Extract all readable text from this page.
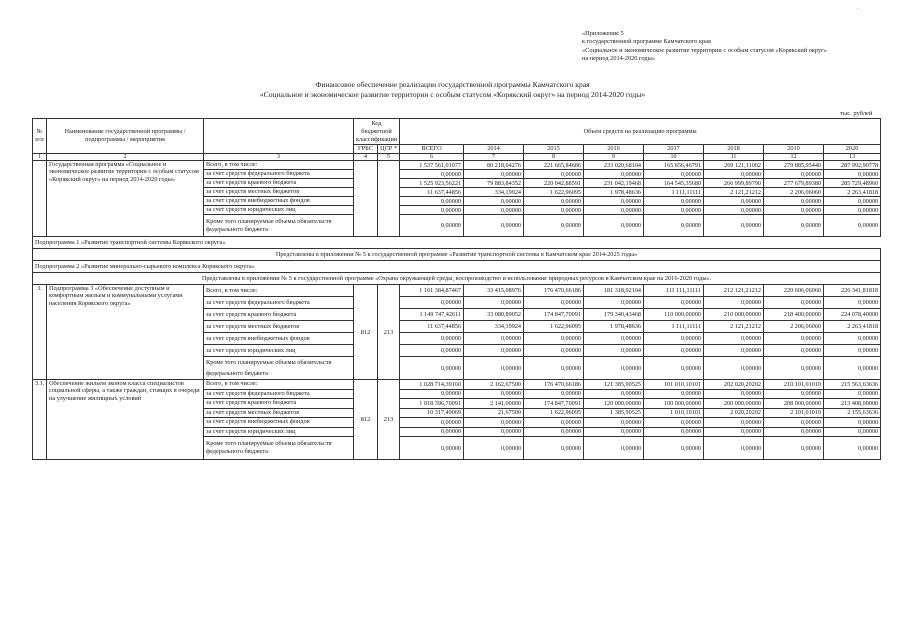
" .
«Приложение 5
к государственной программе Камчатского края
«Социальное и экономическое развитие территории с особым статусом «Корякский округ»
на период 2014-2020 годы»
Финансовое обеспечение реализации государственной программы Камчатского края
«Социальное и экономическое развитие территории с особым статусом «Корякский округ» на период 2014-2020 годы»
тыс. рублей
№ п/п	Наименование государственной программы / подпрограммы / мероприятия		Код бюджетной классификации		Объем средств на реализацию программы							
			ГРБС	ЦСР *	ВСЕГО	2014	2015	2016	2017	2018	2019	2020
1	2	3	4	5	6	7	8	9	10	11	12	13
	Государственная программа «Социальное и экономическое развитие территории с особым статусом «Корякский округ» на период 2014-2020 годы»	Всего, в том числе:			1 537 561,01077	80 218,04276	221 665,84686	233 020,68104	165 656,46791	269 121,11002	279 885,95440	287 992,90778
		за счет средств федерального бюджета			0,00000	0,00000	0,00000	0,00000	0,00000	0,00000	0,00000	0,00000
		за счет средств краевого бюджета			1 525 923,56221	79 883,84352	220 042,88591	231 042,19468	164 545,35680	266 999,89790	277 679,89380	285 729,48960
		за счет средств местных бюджетов			11 637,44856	334,19924	1 622,96095	1 978,48636	1 111,11111	2 121,21212	2 206,06060	2 263,41818
		за счет средств внебюджетных фондов			0,00000	0,00000	0,00000	0,00000	0,00000	0,00000	0,00000	0,00000
		за счет средств юридических лиц			0,00000	0,00000	0,00000	0,00000	0,00000	0,00000	0,00000	0,00000
		Кроме того планируемые объемы обязательств федерального бюджета			0,00000	0,00000	0,00000	0,00000	0,00000	0,00000	0,00000	0,00000
Подпрограмма 1 «Развитие транспортной системы Корякского округа»												
Представлены в приложении № 5 к государственной программе «Развитие транспортной системы в Камчатском крае 2014-2025 годы»												
Подпрограмма 2 «Развитие минерально-сырьевого комплекса Корякского округа»												
Представлены в приложении № 5 к государственной программе «Охрана окружающей среды, воспроизводство и использование природных ресурсов в Камчатском крае на 2016-2020 годы».												
3.	Подпрограмма 3 «Обеспечение доступным и комфортным жильем и коммунальными услугами населения Корякского округа»	Всего, в том числе:	812	213	1 161 384,87467	33 415,08976	176 470,66186	181 318,92104	111 111,11111	212 121,21212	220 606,06060	226 341,81818
		за счет средств федерального бюджета			0,00000	0,00000	0,00000	0,00000	0,00000	0,00000	0,00000	0,00000
		за счет средств краевого бюджета			1 149 747,42611	33 080,89052	174 847,70091	179 340,43468	110 000,00000	210 000,00000	218 400,00000	224 078,40000
		за счет средств местных бюджетов			11 637,44856	334,19924	1 622,96095	1 978,48636	1 111,11111	2 121,21212	2 206,06060	2 263,41818
		за счет средств внебюджетных фондов			0,00000	0,00000	0,00000	0,00000	0,00000	0,00000	0,00000	0,00000
		за счет средств юридических лиц			0,00000	0,00000	0,00000	0,00000	0,00000	0,00000	0,00000	0,00000
		Кроме того планируемые объемы обязательств федерального бюджета			0,00000	0,00000	0,00000	0,00000	0,00000	0,00000	0,00000	0,00000
3.1.	Обеспечение жильем эконом класса специалистов социальной сферы, а также граждан, стоящих в очереди на улучшение жилищных условий	Всего, в том числе:	812	213	1 028 714,39160	2 162,67500	176 470,66186	121 385,90525	101 010,10101	202 020,20202	210 101,01010	215 563,63636
		за счет средств федерального бюджета			0,00000	0,00000	0,00000	0,00000	0,00000	0,00000	0,00000	0,00000
		за счет средств краевого бюджета			1 018 396,70091	2 141,00000	174 847,70091	120 000,00000	100 000,00000	200 000,00000	208 000,00000	213 408,00000
		за счет средств местных бюджетов			10 317,49069	21,67500	1 622,96095	1 385,90525	1 010,10101	2 020,20202	2 101,01010	2 155,63636
		за счет средств внебюджетных фондов			0,00000	0,00000	0,00000	0,00000	0,00000	0,00000	0,00000	0,00000
		за счет средств юридических лиц			0,00000	0,00000	0,00000	0,00000	0,00000	0,00000	0,00000	0,00000
		Кроме того планируемые объемы обязательств федерального бюджета			0,00000	0,00000	0,00000	0,00000	0,00000	0,00000	0,00000	0,00000
